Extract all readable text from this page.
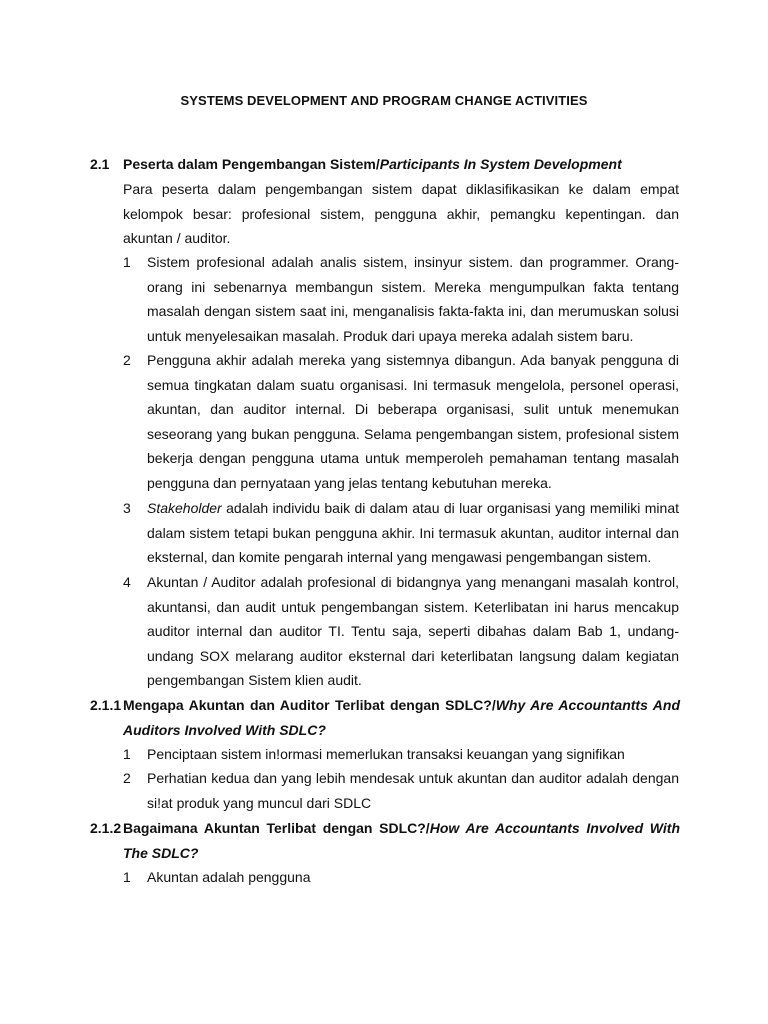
SYSTEMS DEVELOPMENT AND PROGRAM CHANGE ACTIVITIES
2.1 Peserta dalam Pengembangan Sistem/Participants In System Development
Para peserta dalam pengembangan sistem dapat diklasifikasikan ke dalam empat kelompok besar: profesional sistem, pengguna akhir, pemangku kepentingan. dan akuntan / auditor.
1 Sistem profesional adalah analis sistem, insinyur sistem. dan programmer. Orang-orang ini sebenarnya membangun sistem. Mereka mengumpulkan fakta tentang masalah dengan sistem saat ini, menganalisis fakta-fakta ini, dan merumuskan solusi untuk menyelesaikan masalah. Produk dari upaya mereka adalah sistem baru.
2 Pengguna akhir adalah mereka yang sistemnya dibangun. Ada banyak pengguna di semua tingkatan dalam suatu organisasi. Ini termasuk mengelola, personel operasi, akuntan, dan auditor internal. Di beberapa organisasi, sulit untuk menemukan seseorang yang bukan pengguna. Selama pengembangan sistem, profesional sistem bekerja dengan pengguna utama untuk memperoleh pemahaman tentang masalah pengguna dan pernyataan yang jelas tentang kebutuhan mereka.
3 Stakeholder adalah individu baik di dalam atau di luar organisasi yang memiliki minat dalam sistem tetapi bukan pengguna akhir. Ini termasuk akuntan, auditor internal dan eksternal, dan komite pengarah internal yang mengawasi pengembangan sistem.
4 Akuntan / Auditor adalah profesional di bidangnya yang menangani masalah kontrol, akuntansi, dan audit untuk pengembangan sistem. Keterlibatan ini harus mencakup auditor internal dan auditor TI. Tentu saja, seperti dibahas dalam Bab 1, undang-undang SOX melarang auditor eksternal dari keterlibatan langsung dalam kegiatan pengembangan Sistem klien audit.
2.1.1 Mengapa Akuntan dan Auditor Terlibat dengan SDLC?/Why Are Accountantts And
Auditors Involved With SDLC?
1 Penciptaan sistem in!ormasi memerlukan transaksi keuangan yang signifikan
2 Perhatian kedua dan yang lebih mendesak untuk akuntan dan auditor adalah dengan si!at produk yang muncul dari SDLC
2.1.2 Bagaimana Akuntan Terlibat dengan SDLC?/How Are Accountants Involved With
The SDLC?
1 Akuntan adalah pengguna
